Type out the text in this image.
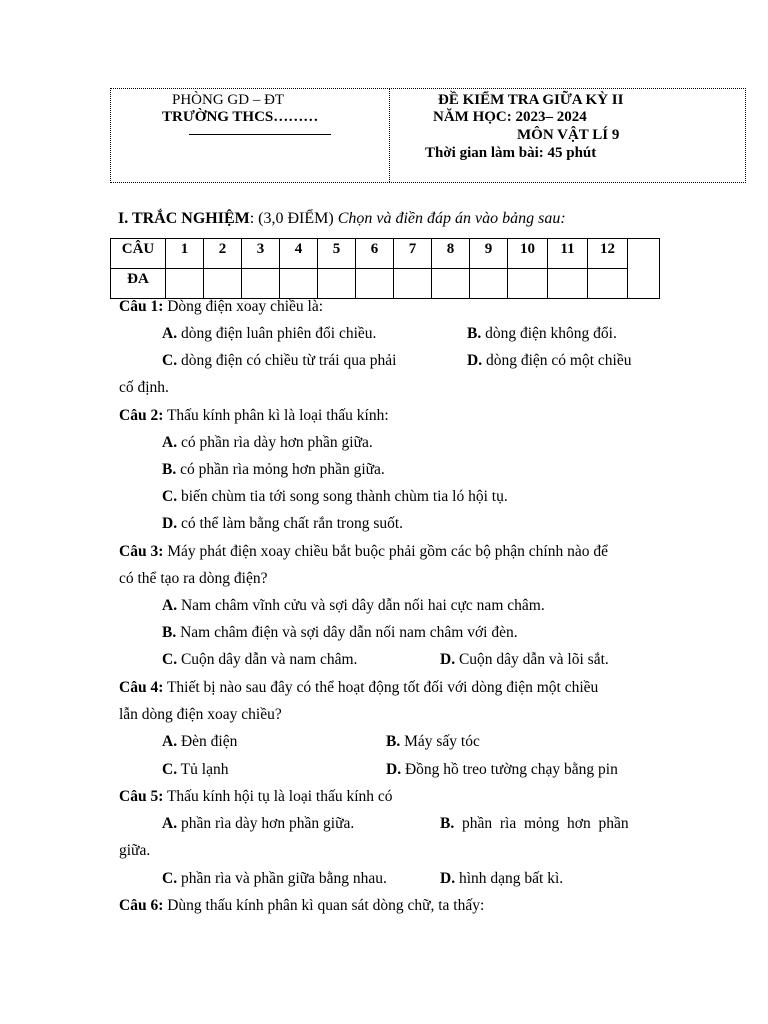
PHÒNG GD – ĐT
TRƯỜNG THCS………
ĐỀ KIỂM TRA GIỮA KỲ II
NĂM HỌC: 2023– 2024
MÔN VẬT LÍ 9
Thời gian làm bài: 45 phút
I. TRẮC NGHIỆM: (3,0 ĐIỂM) Chọn và điền đáp án vào bảng sau:
CÂU	1	2	3	4	5	6	7	8	9	10	11	12	
ĐA													
Câu 1: Dòng điện xoay chiều là:
A. dòng điện luân phiên đổi chiều.	B. dòng điện không đổi.
C. dòng điện có chiều từ trái qua phải	D. dòng điện có một chiều
cố định.
Câu 2: Thấu kính phân kì là loại thấu kính:
A. có phần rìa dày hơn phần giữa.
B. có phần rìa mỏng hơn phần giữa.
C. biến chùm tia tới song song thành chùm tia ló hội tụ.
D. có thể làm bằng chất rắn trong suốt.
Câu 3: Máy phát điện xoay chiều bắt buộc phải gồm các bộ phận chính nào để
có thể tạo ra dòng điện?
A. Nam châm vĩnh cửu và sợi dây dẫn nối hai cực nam châm.
B. Nam châm điện và sợi dây dẫn nối nam châm với đèn.
C. Cuộn dây dẫn và nam châm.	D. Cuộn dây dẫn và lõi sắt.
Câu 4: Thiết bị nào sau đây có thể hoạt động tốt đối với dòng điện một chiều
lẫn dòng điện xoay chiều?
A. Đèn điện	B. Máy sấy tóc
C. Tủ lạnh	D. Đồng hồ treo tường chạy bằng pin
Câu 5: Thấu kính hội tụ là loại thấu kính có
A. phần rìa dày hơn phần giữa.	B.  phần  rìa  mỏng  hơn  phần
giữa.
C. phần rìa và phần giữa bằng nhau.	D. hình dạng bất kì.
Câu 6: Dùng thấu kính phân kì quan sát dòng chữ, ta thấy:
